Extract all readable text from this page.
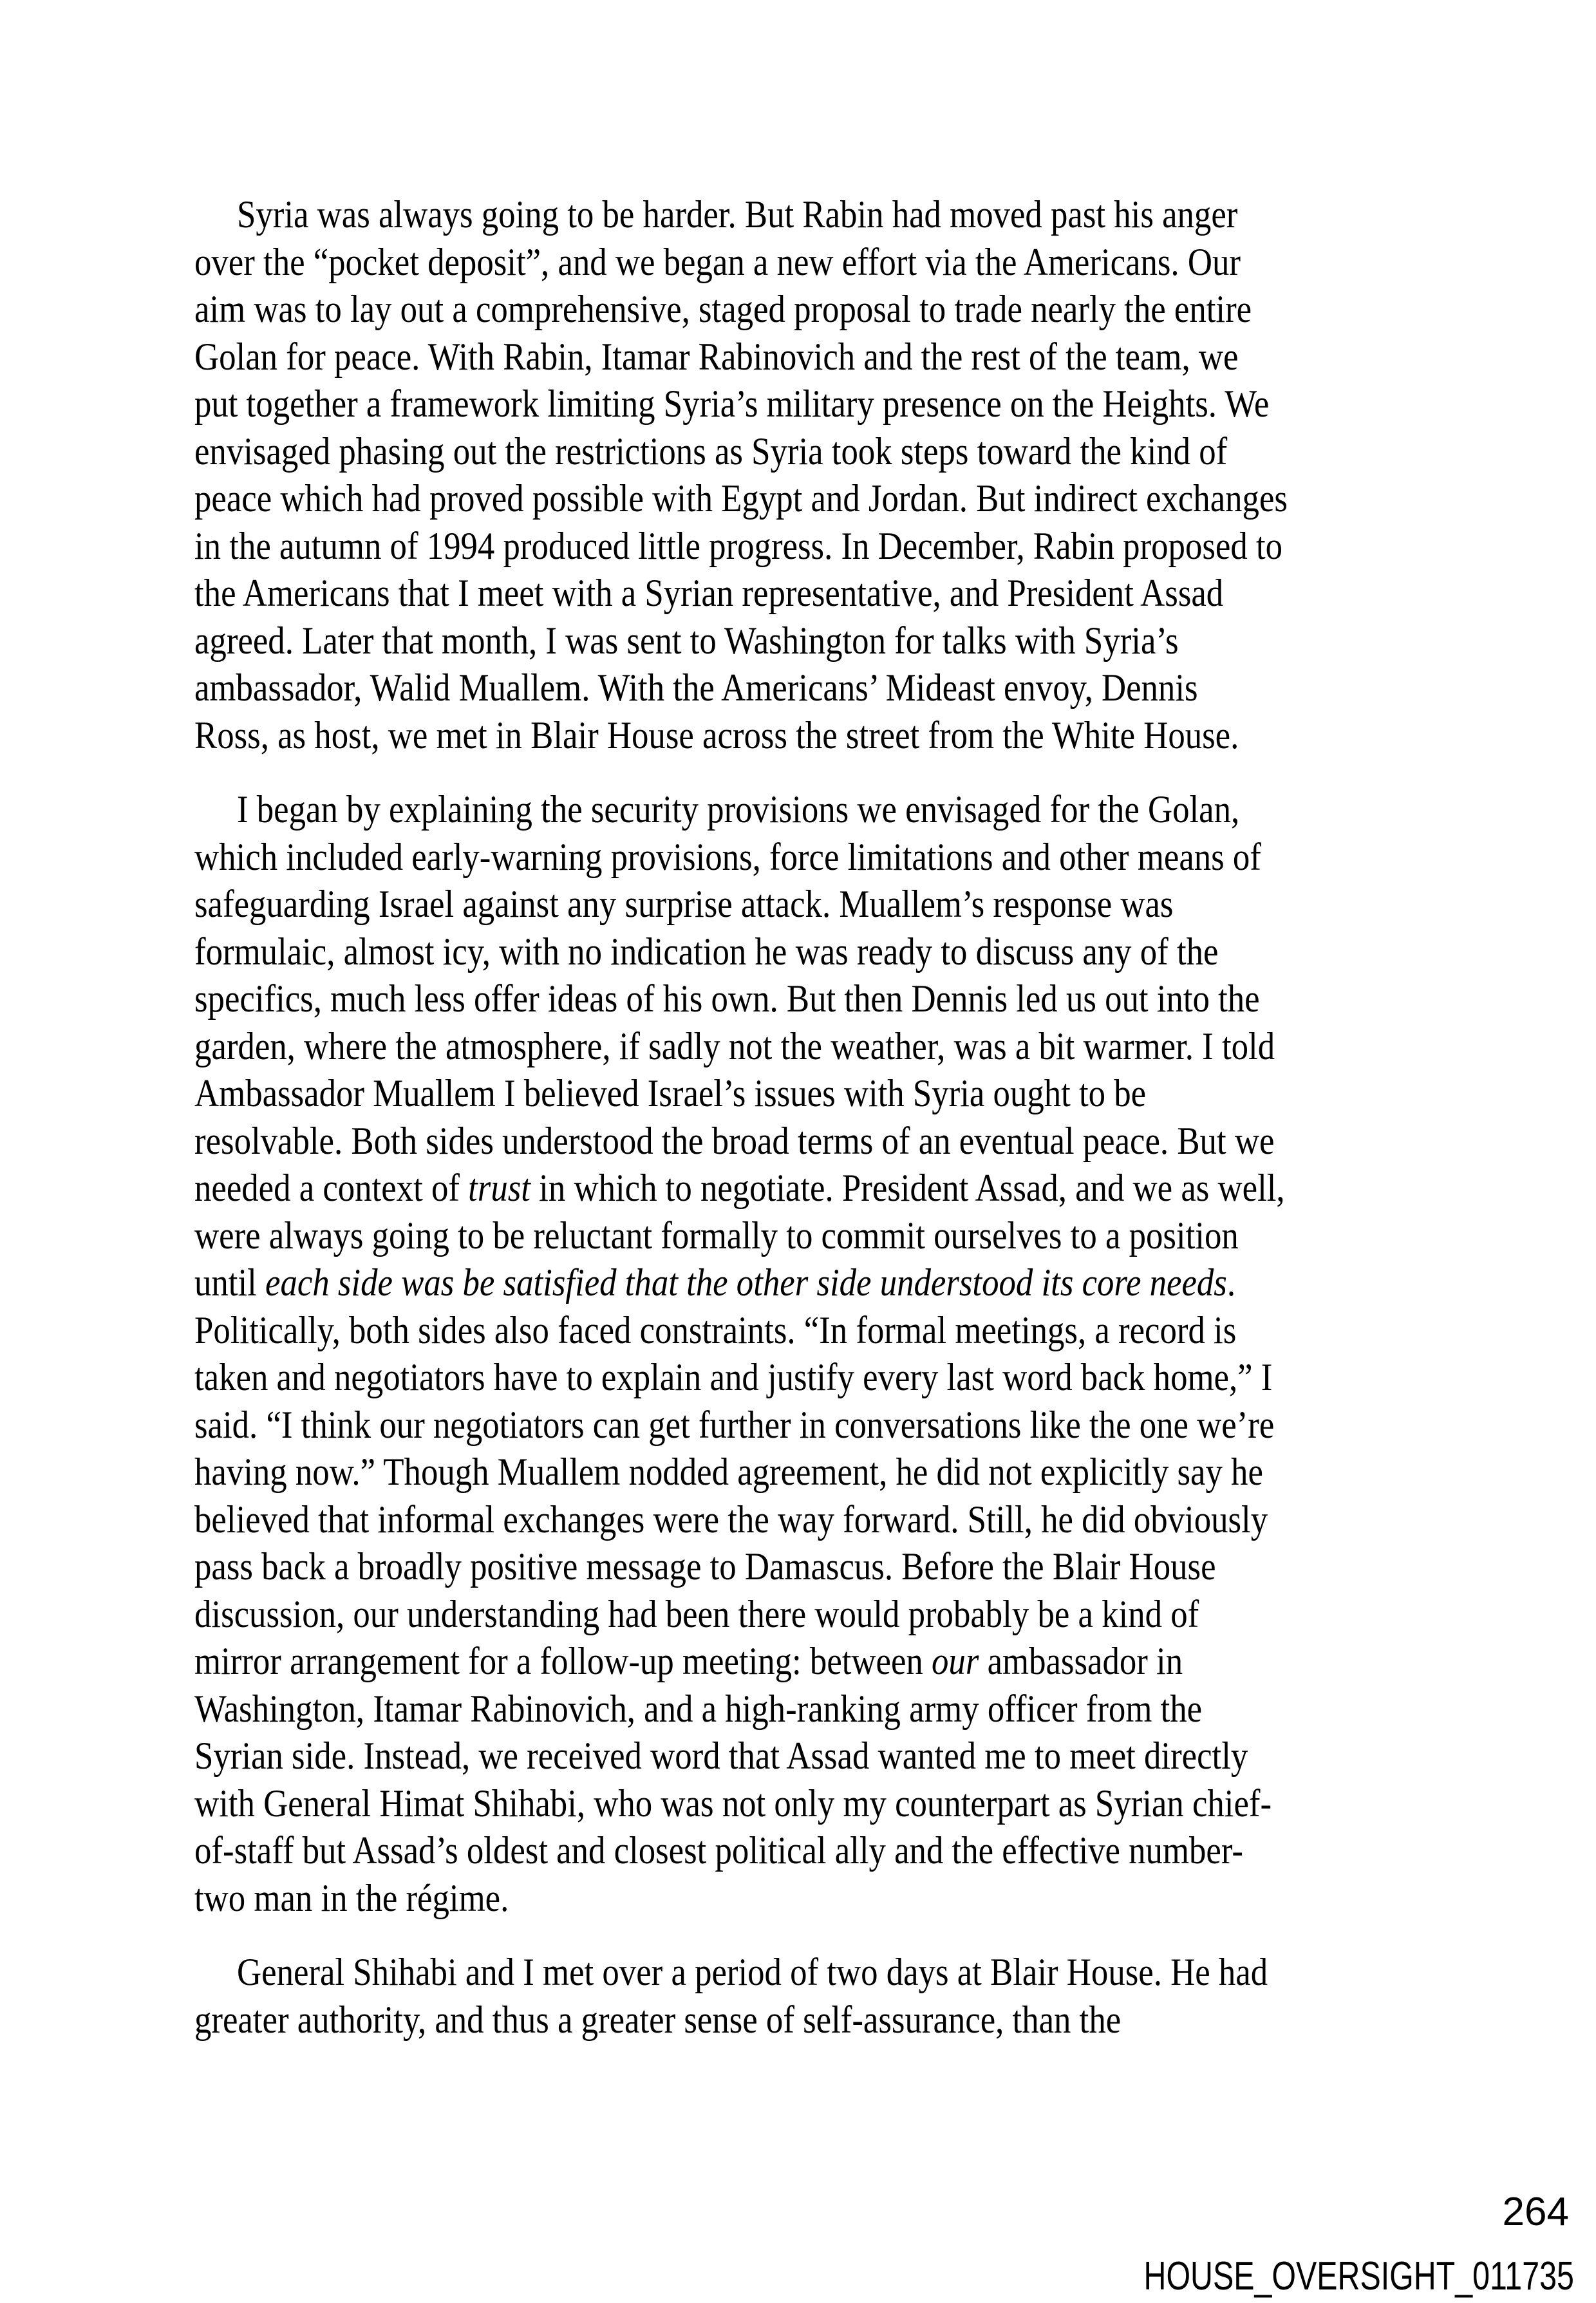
Syria was always going to be harder. But Rabin had moved past his anger
over the “pocket deposit”, and we began a new effort via the Americans. Our
aim was to lay out a comprehensive, staged proposal to trade nearly the entire
Golan for peace. With Rabin, Itamar Rabinovich and the rest of the team, we
put together a framework limiting Syria’s military presence on the Heights. We
envisaged phasing out the restrictions as Syria took steps toward the kind of
peace which had proved possible with Egypt and Jordan. But indirect exchanges
in the autumn of 1994 produced little progress. In December, Rabin proposed to
the Americans that I meet with a Syrian representative, and President Assad
agreed. Later that month, I was sent to Washington for talks with Syria’s
ambassador, Walid Muallem. With the Americans’ Mideast envoy, Dennis
Ross, as host, we met in Blair House across the street from the White House.

I began by explaining the security provisions we envisaged for the Golan,
which included early-warning provisions, force limitations and other means of
safeguarding Israel against any surprise attack. Muallem’s response was
formulaic, almost icy, with no indication he was ready to discuss any of the
specifics, much less offer ideas of his own. But then Dennis led us out into the
garden, where the atmosphere, if sadly not the weather, was a bit warmer. I told
Ambassador Muallem I believed Israel’s issues with Syria ought to be
resolvable. Both sides understood the broad terms of an eventual peace. But we
needed a context of trust in which to negotiate. President Assad, and we as well,
were always going to be reluctant formally to commit ourselves to a position
until each side was be satisfied that the other side understood its core needs.
Politically, both sides also faced constraints. “In formal meetings, a record is
taken and negotiators have to explain and justify every last word back home,” I
said. “I think our negotiators can get further in conversations like the one we’re
having now.” Though Muallem nodded agreement, he did not explicitly say he
believed that informal exchanges were the way forward. Still, he did obviously
pass back a broadly positive message to Damascus. Before the Blair House
discussion, our understanding had been there would probably be a kind of
mirror arrangement for a follow-up meeting: between our ambassador in
Washington, Itamar Rabinovich, and a high-ranking army officer from the
Syrian side. Instead, we received word that Assad wanted me to meet directly
with General Himat Shihabi, who was not only my counterpart as Syrian chief-
of-staff but Assad’s oldest and closest political ally and the effective number-
two man in the régime.

General Shihabi and I met over a period of two days at Blair House. He had
greater authority, and thus a greater sense of self-assurance, than the

264
HOUSE_OVERSIGHT_011735
